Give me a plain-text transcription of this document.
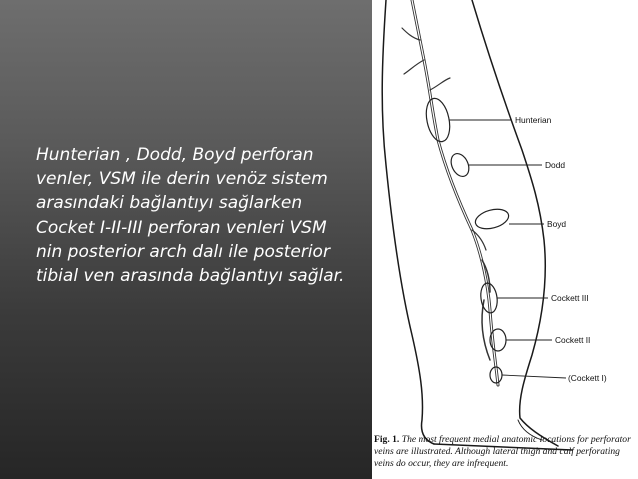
Hunterian , Dodd, Boyd perforan venler, VSM ile derin venöz sistem arasındaki bağlantıyı sağlarken Cocket I-II-III perforan venleri VSM nin posterior arch dalı ile posterior tibial ven arasında bağlantıyı sağlar.

Hunterian
Dodd
Boyd
Cockett III
Cockett II
(Cockett I)

Fig. 1. The most frequent medial anatomic locations for perforator veins are illustrated. Although lateral thigh and calf perforating veins do occur, they are infrequent.
